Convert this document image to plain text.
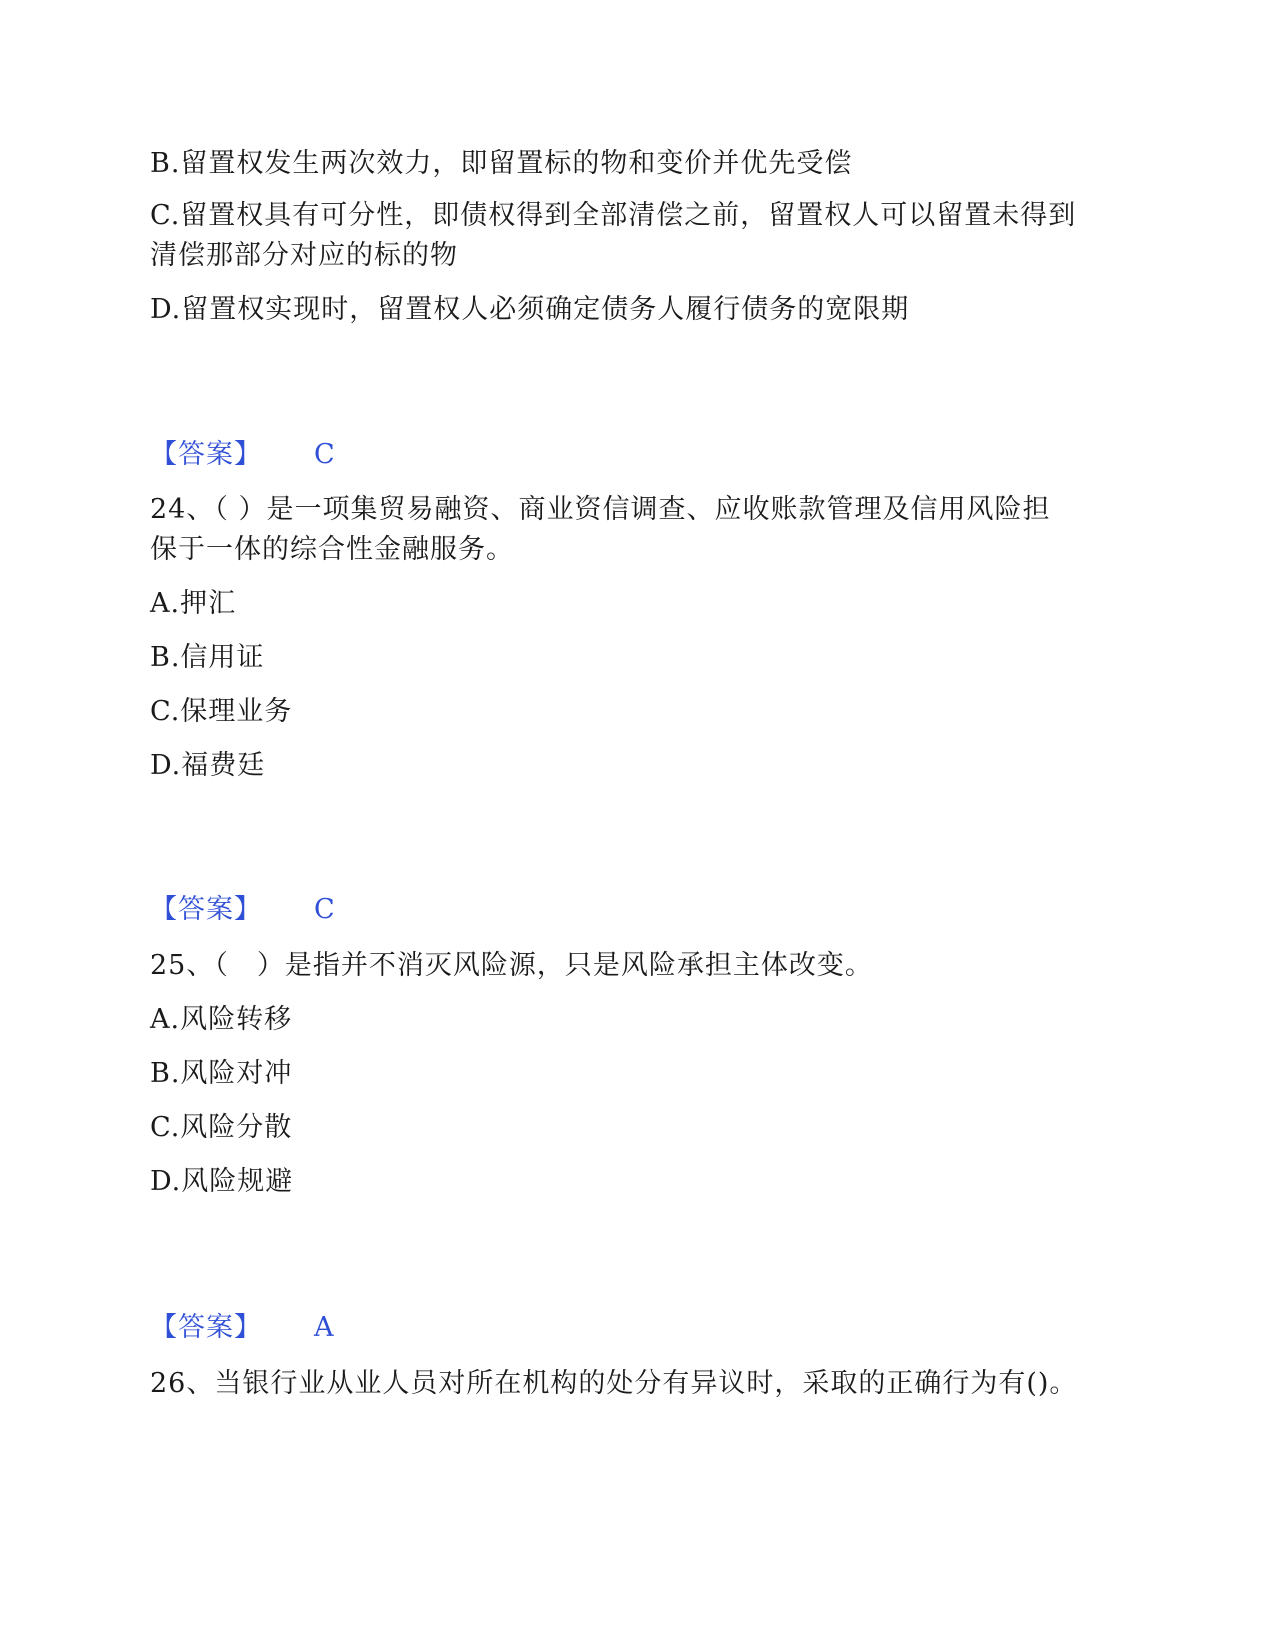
B.留置权发生两次效力，即留置标的物和变价并优先受偿
C.留置权具有可分性，即债权得到全部清偿之前，留置权人可以留置未得到
清偿那部分对应的标的物
D.留置权实现时，留置权人必须确定债务人履行债务的宽限期
【答案】 C
24、（ ）是一项集贸易融资、商业资信调查、应收账款管理及信用风险担
保于一体的综合性金融服务。
A.押汇
B.信用证
C.保理业务
D.福费廷
【答案】 C
25、（　）是指并不消灭风险源，只是风险承担主体改变。
A.风险转移
B.风险对冲
C.风险分散
D.风险规避
【答案】 A
26、当银行业从业人员对所在机构的处分有异议时，采取的正确行为有()。
